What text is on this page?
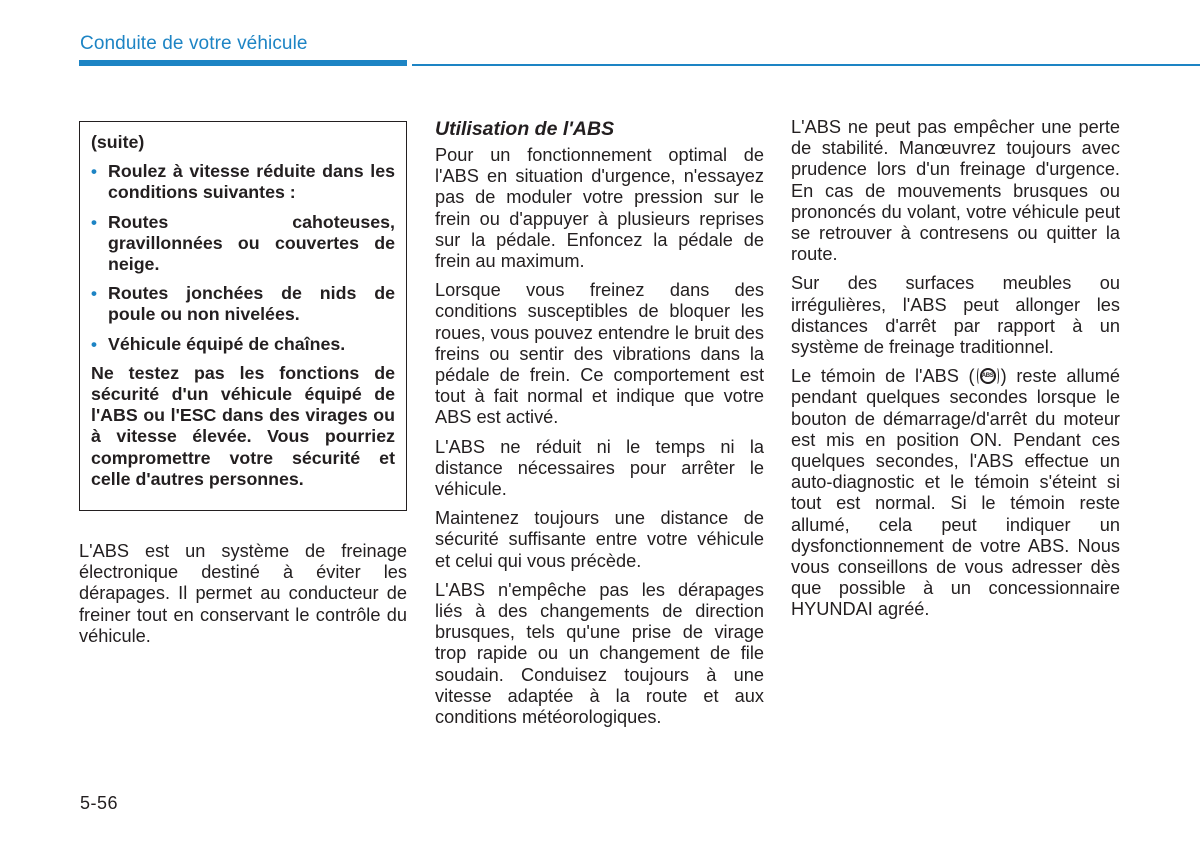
Conduite de votre véhicule

(suite)

• Roulez à vitesse réduite dans les conditions suivantes :
• Routes cahoteuses, gravillonnées ou couvertes de neige.
• Routes jonchées de nids de poule ou non nivelées.
• Véhicule équipé de chaînes.

Ne testez pas les fonctions de sécurité d'un véhicule équipé de l'ABS ou l'ESC dans des virages ou à vitesse élevée. Vous pourriez compromettre votre sécurité et celle d'autres personnes.

L'ABS est un système de freinage électronique destiné à éviter les dérapages. Il permet au conducteur de freiner tout en conservant le contrôle du véhicule.

Utilisation de l'ABS

Pour un fonctionnement optimal de l'ABS en situation d'urgence, n'essayez pas de moduler votre pression sur le frein ou d'appuyer à plusieurs reprises sur la pédale. Enfoncez la pédale de frein au maximum.

Lorsque vous freinez dans des conditions susceptibles de bloquer les roues, vous pouvez entendre le bruit des freins ou sentir des vibrations dans la pédale de frein. Ce comportement est tout à fait normal et indique que votre ABS est activé.

L'ABS ne réduit ni le temps ni la distance nécessaires pour arrêter le véhicule.

Maintenez toujours une distance de sécurité suffisante entre votre véhicule et celui qui vous précède.

L'ABS n'empêche pas les dérapages liés à des changements de direction brusques, tels qu'une prise de virage trop rapide ou un changement de file soudain. Conduisez toujours à une vitesse adaptée à la route et aux conditions météorologiques.

L'ABS ne peut pas empêcher une perte de stabilité. Manœuvrez toujours avec prudence lors d'un freinage d'urgence. En cas de mouvements brusques ou prononcés du volant, votre véhicule peut se retrouver à contresens ou quitter la route.

Sur des surfaces meubles ou irrégulières, l'ABS peut allonger les distances d'arrêt par rapport à un système de freinage traditionnel.

Le témoin de l'ABS (	ABS ) reste allumé pendant quelques secondes lorsque le bouton de démarrage/d'arrêt du moteur est mis en position ON. Pendant ces quelques secondes, l'ABS effectue un auto-diagnostic et le témoin s'éteint si tout est normal. Si le témoin reste allumé, cela peut indiquer un dysfonctionnement de votre ABS. Nous vous conseillons de vous adresser dès que possible à un concessionnaire HYUNDAI agréé.

5-56
